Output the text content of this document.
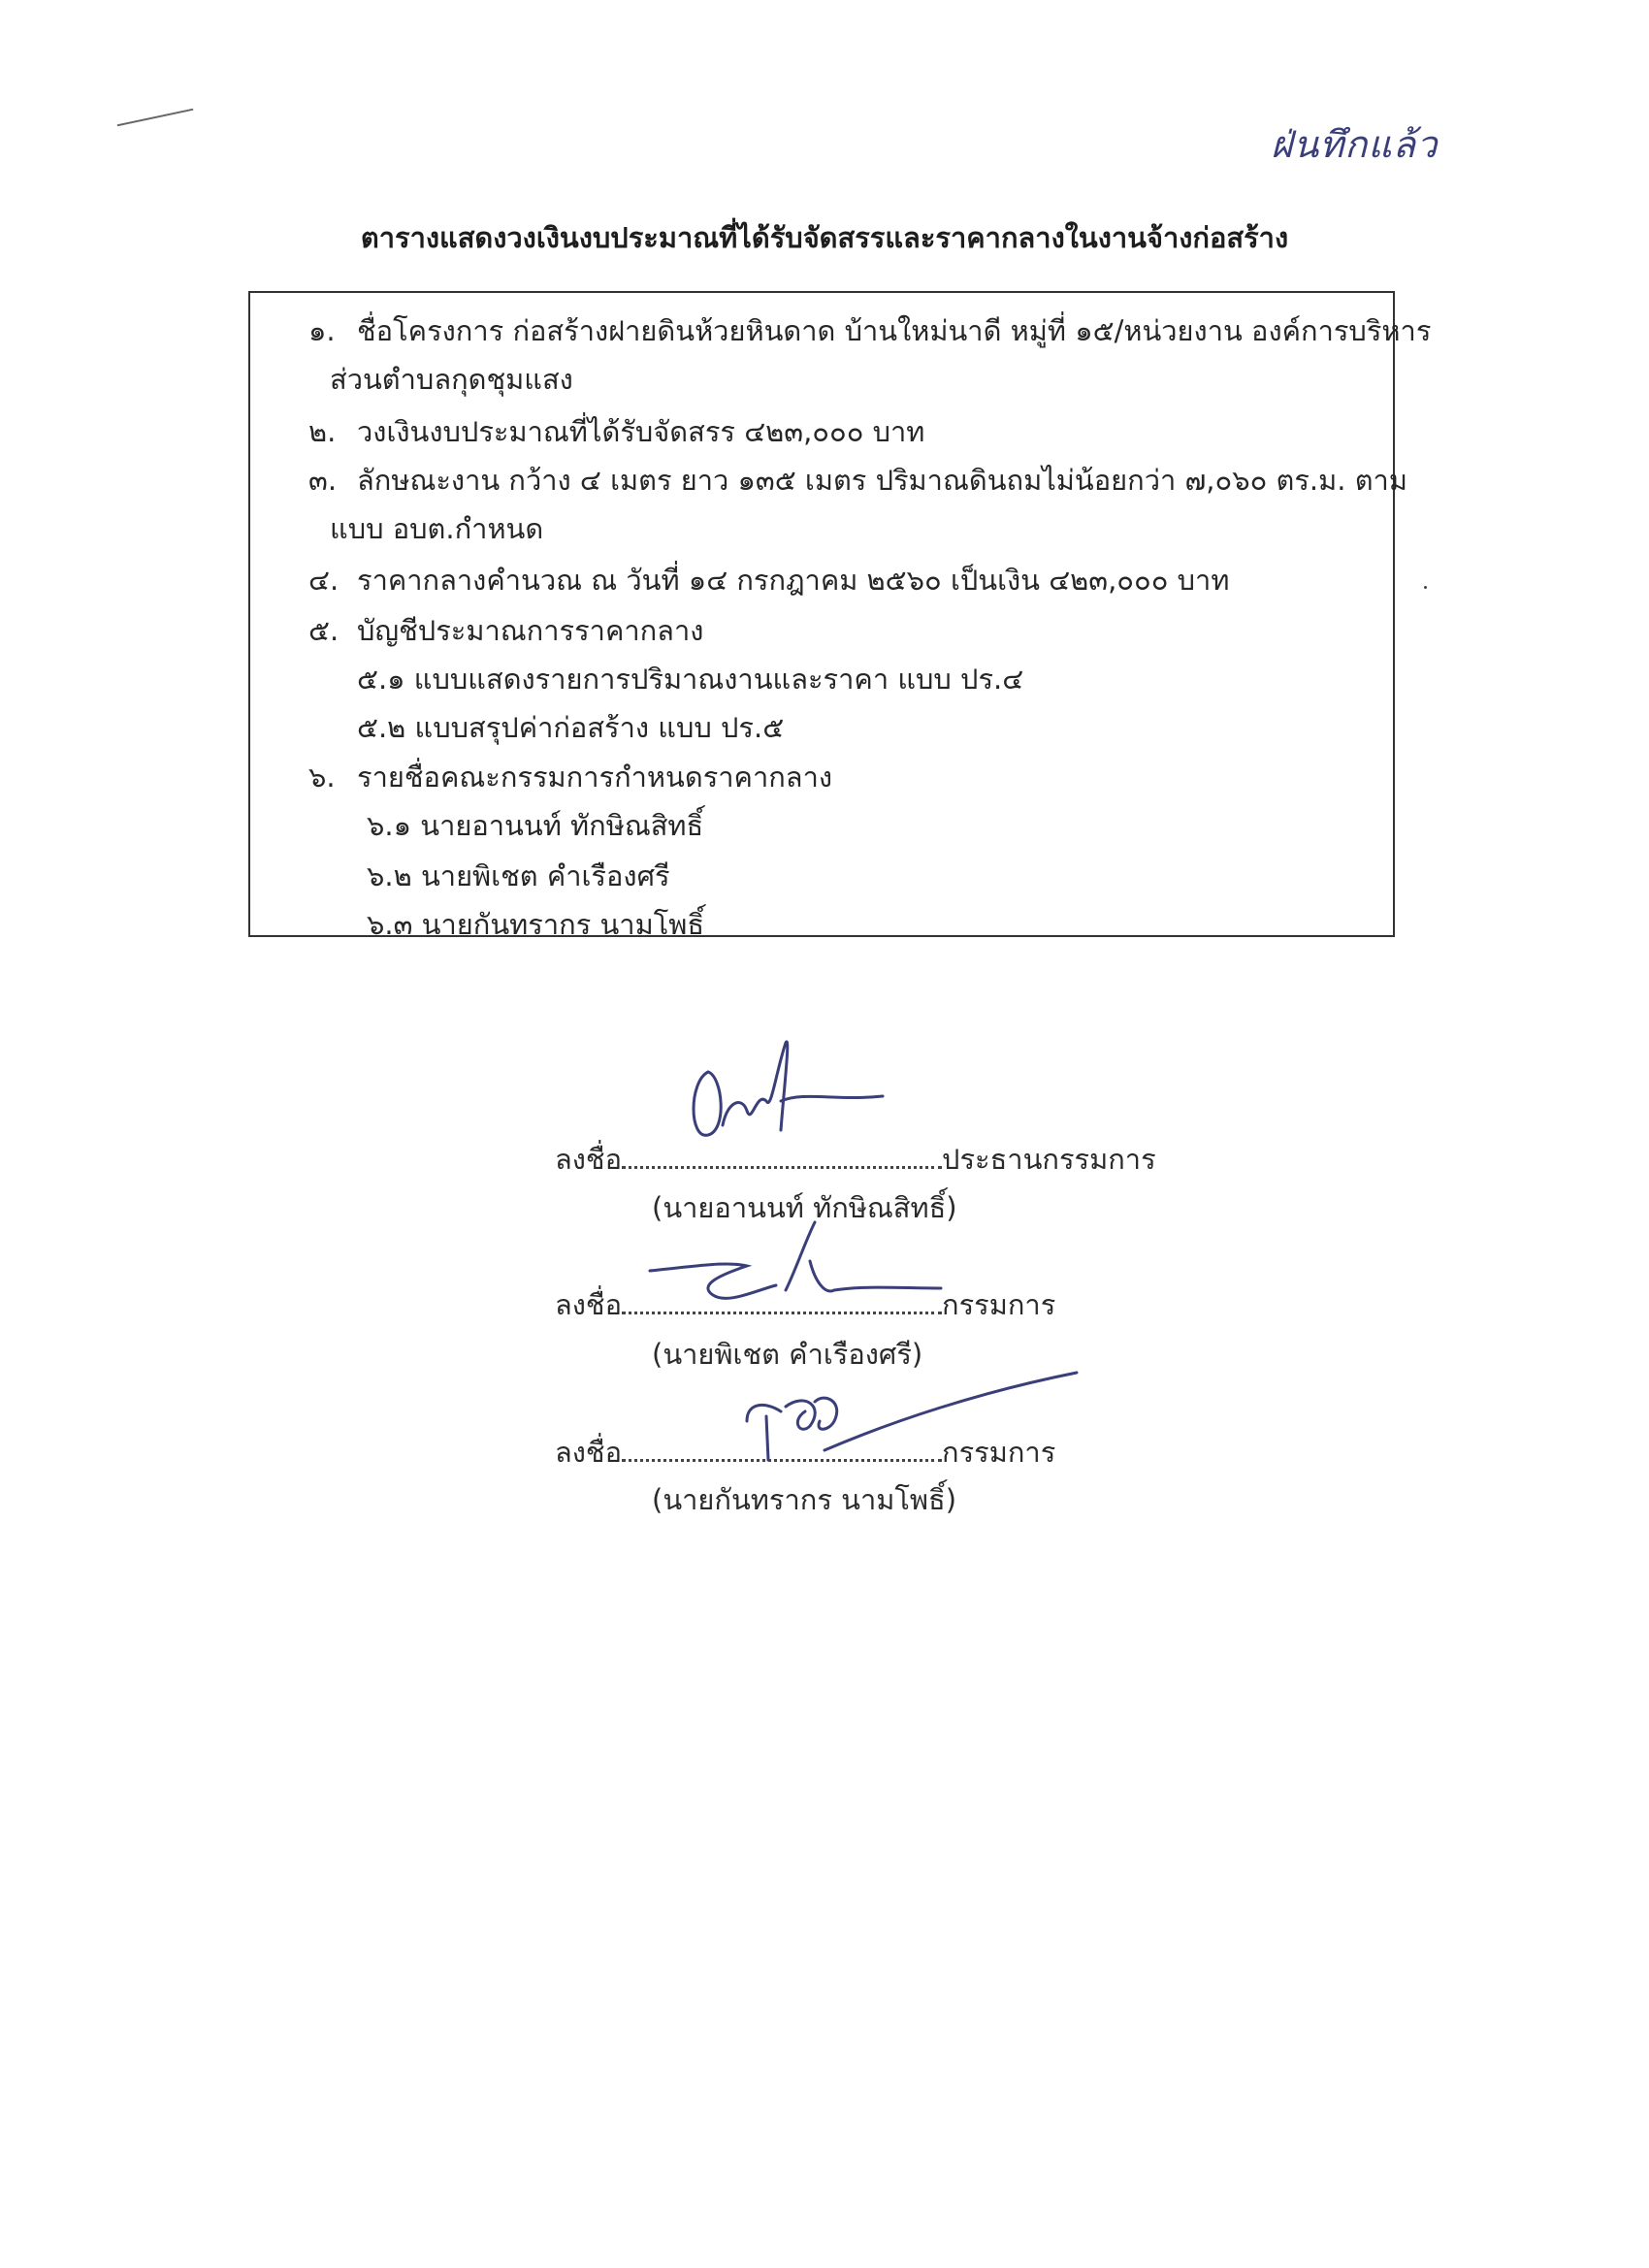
ฝ่นทึกแล้ว
ตารางแสดงวงเงินงบประมาณที่ได้รับจัดสรรและราคากลางในงานจ้างก่อสร้าง
๑. ชื่อโครงการ ก่อสร้างฝายดินห้วยหินดาด บ้านใหม่นาดี หมู่ที่ ๑๕/หน่วยงาน องค์การบริหาร
ส่วนตำบลกุดชุมแสง
๒. วงเงินงบประมาณที่ได้รับจัดสรร ๔๒๓,๐๐๐ บาท
๓. ลักษณะงาน กว้าง ๔ เมตร ยาว ๑๓๕ เมตร ปริมาณดินถมไม่น้อยกว่า ๗,๐๖๐ ตร.ม. ตาม
แบบ อบต.กำหนด
๔. ราคากลางคำนวณ ณ วันที่ ๑๔ กรกฎาคม ๒๕๖๐ เป็นเงิน ๔๒๓,๐๐๐ บาท
๕. บัญชีประมาณการราคากลาง
๕.๑ แบบแสดงรายการปริมาณงานและราคา แบบ ปร.๔
๕.๒ แบบสรุปค่าก่อสร้าง แบบ ปร.๕
๖. รายชื่อคณะกรรมการกำหนดราคากลาง
๖.๑ นายอานนท์ ทักษิณสิทธิ์
๖.๒ นายพิเชต คำเรืองศรี
๖.๓ นายกันทรากร นามโพธิ์
ลงชื่อ	ประธานกรรมการ
(นายอานนท์ ทักษิณสิทธิ์)
ลงชื่อ	กรรมการ
(นายพิเชต คำเรืองศรี)
ลงชื่อ	กรรมการ
(นายกันทรากร นามโพธิ์)
